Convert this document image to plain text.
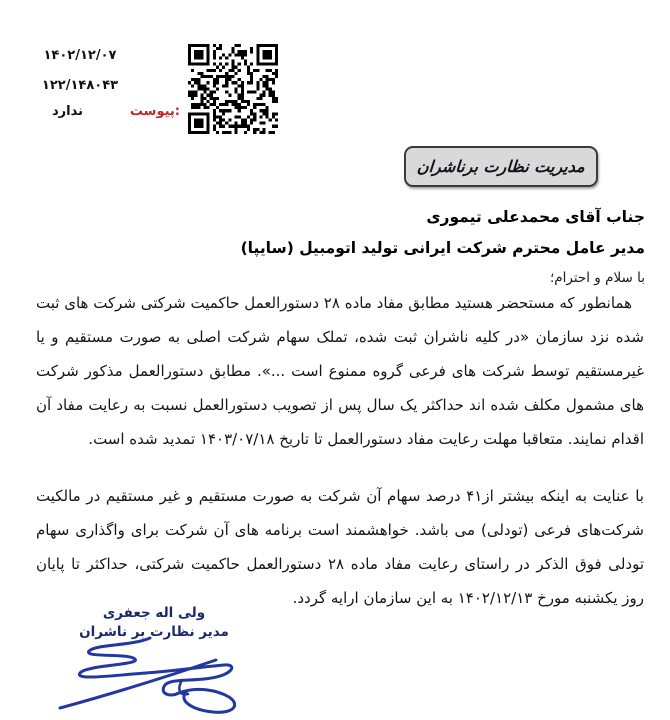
۱۴۰۲/۱۲/۰۷
۱۲۲/۱۴۸۰۴۳
پیوست:
ندارد
مدیریت نظارت برناشران
جناب آقای محمدعلی تیموری
مدیر عامل محترم شرکت ایرانی تولید اتومبیل (سایپا)
با سلام و احترام؛

همانطور که مستحضر هستید مطابق مفاد ماده ۲۸ دستورالعمل حاکمیت شرکتی شرکت های ثبت شده نزد سازمان «در کلیه ناشران ثبت شده، تملک سهام شرکت اصلی به صورت مستقیم و یا غیرمستقیم توسط شرکت های فرعی گروه ممنوع است ...». مطابق دستورالعمل مذکور شرکت های مشمول مکلف شده اند حداکثر یک سال پس از تصویب دستورالعمل نسبت به رعایت مفاد آن اقدام نمایند. متعاقبا مهلت رعایت مفاد دستورالعمل تا تاریخ ۱۴۰۳/۰۷/۱۸ تمدید شده است.

با عنایت به اینکه بیشتر از۴۱ درصد سهام آن شرکت به صورت مستقیم و غیر مستقیم در مالکیت شرکت‌های فرعی (تودلی) می باشد. خواهشمند است برنامه های آن شرکت برای واگذاری سهام تودلی فوق الذکر در راستای رعایت مفاد ماده ۲۸ دستورالعمل حاکمیت شرکتی، حداکثر تا پایان روز یکشنبه مورخ ۱۴۰۲/۱۲/۱۳ به این سازمان ارایه گردد.

ولی اله جعفری
مدیر نظارت بر ناشران
